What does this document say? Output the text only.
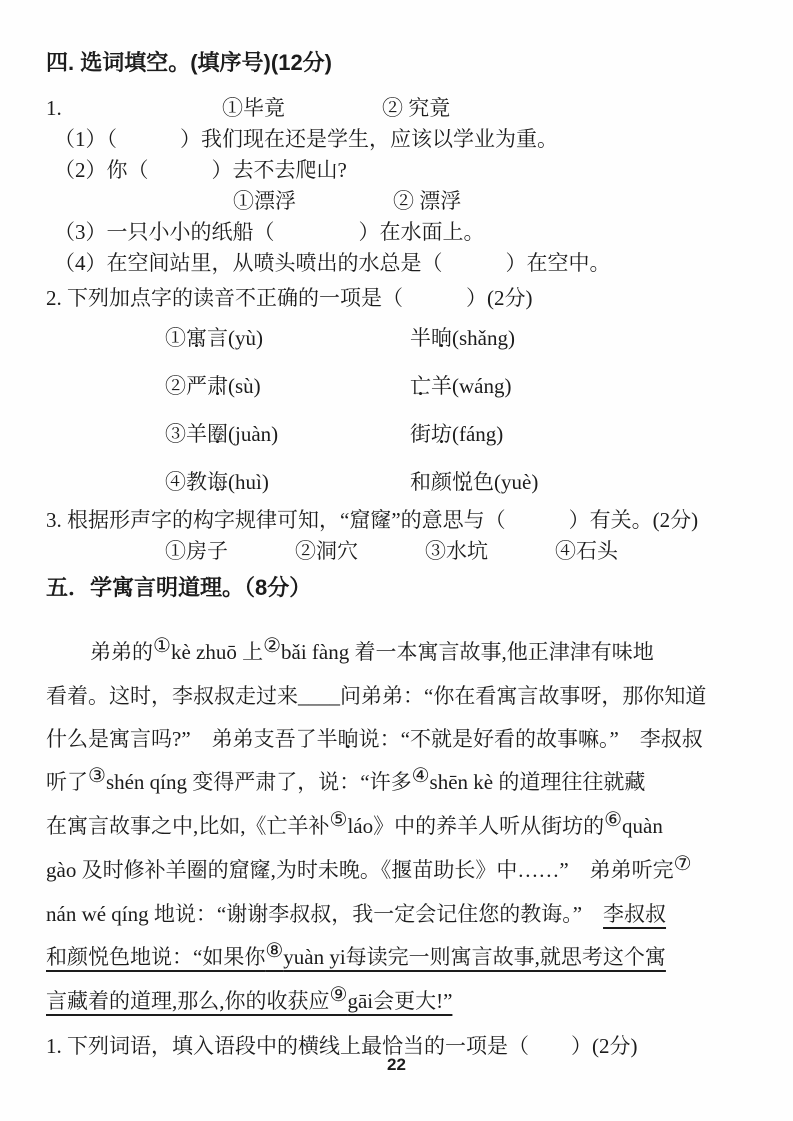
四. 选词填空。(填序号)(12分)
1.	①毕竟	② 究竟
（1）（　　　）我们现在还是学生，应该以学业为重。
（2）你（　　　）去不去爬山?
①漂浮	② 漂浮
（3）一只小小的纸船（　　　　）在水面上。
（4）在空间站里，从喷头喷出的水总是（　　　）在空中。
2. 下列加点字的读音不正确的一项是（　　　）(2分)
①寓言(yù)	半晌(shǎng)
②严肃(sù)	亡羊(wáng)
③羊圈(juàn)	街坊(fáng)
④教诲(huì)	和颜悦色(yuè)
3. 根据形声字的构字规律可知，“窟窿”的意思与（　　　）有关。(2分)
①房子	②洞穴	③水坑	④石头
五．学寓言明道理。（8分）
弟弟的①kè zhuō 上②bǎi fàng 着一本寓言故事,他正津津有味地
看着。这时，李叔叔走过来____问弟弟：“你在看寓言故事呀，那你知道
什么是寓言吗?”　弟弟支吾了半晌说：“不就是好看的故事嘛。”　李叔叔
听了③shén qíng 变得严肃了，说：“许多④shēn kè 的道理往往就藏
在寓言故事之中,比如,《亡羊补⑤láo》中的养羊人听从街坊的⑥quàn
gào 及时修补羊圈的窟窿,为时未晚。《揠苗助长》中……”　弟弟听完⑦
nán wé qíng 地说：“谢谢李叔叔，我一定会记住您的教诲。”　李叔叔
和颜悦色地说：“如果你⑧yuàn yi每读完一则寓言故事,就思考这个寓
言藏着的道理,那么,你的收获应⑨gāi会更大!”
1. 下列词语，填入语段中的横线上最恰当的一项是（　　）(2分)
22
